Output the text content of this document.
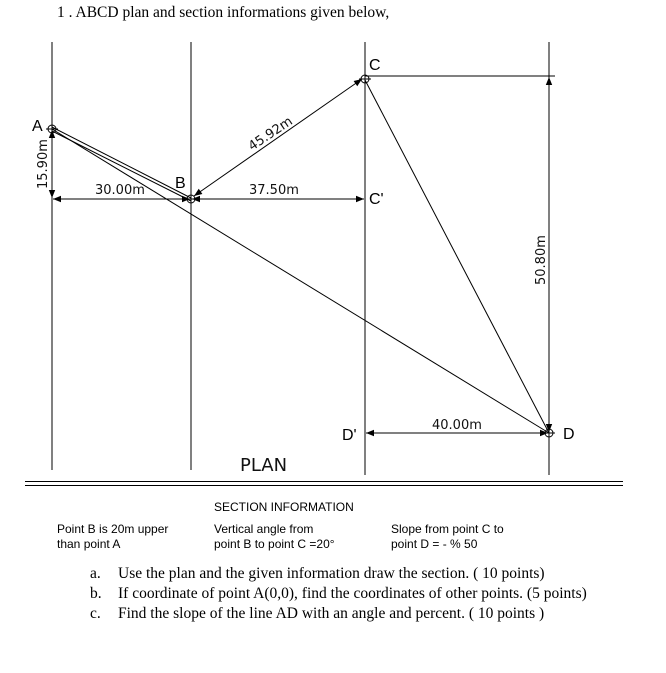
1 . ABCD plan and section informations given below,
A
B
C
C'
D
D'
30.00m	37.50m
40.00m
45.92m
50.80m
15.90m
PLAN
SECTION INFORMATION
Point B is 20m upper
than point A
Vertical angle from
point B to point C =20°
Slope from point C to
point D = - % 50
a. Use the plan and the given information draw the section. ( 10 points)
b. If coordinate of point A(0,0), find the coordinates of other points. (5 points)
c. Find the slope of the line AD with an angle and percent. ( 10 points )
